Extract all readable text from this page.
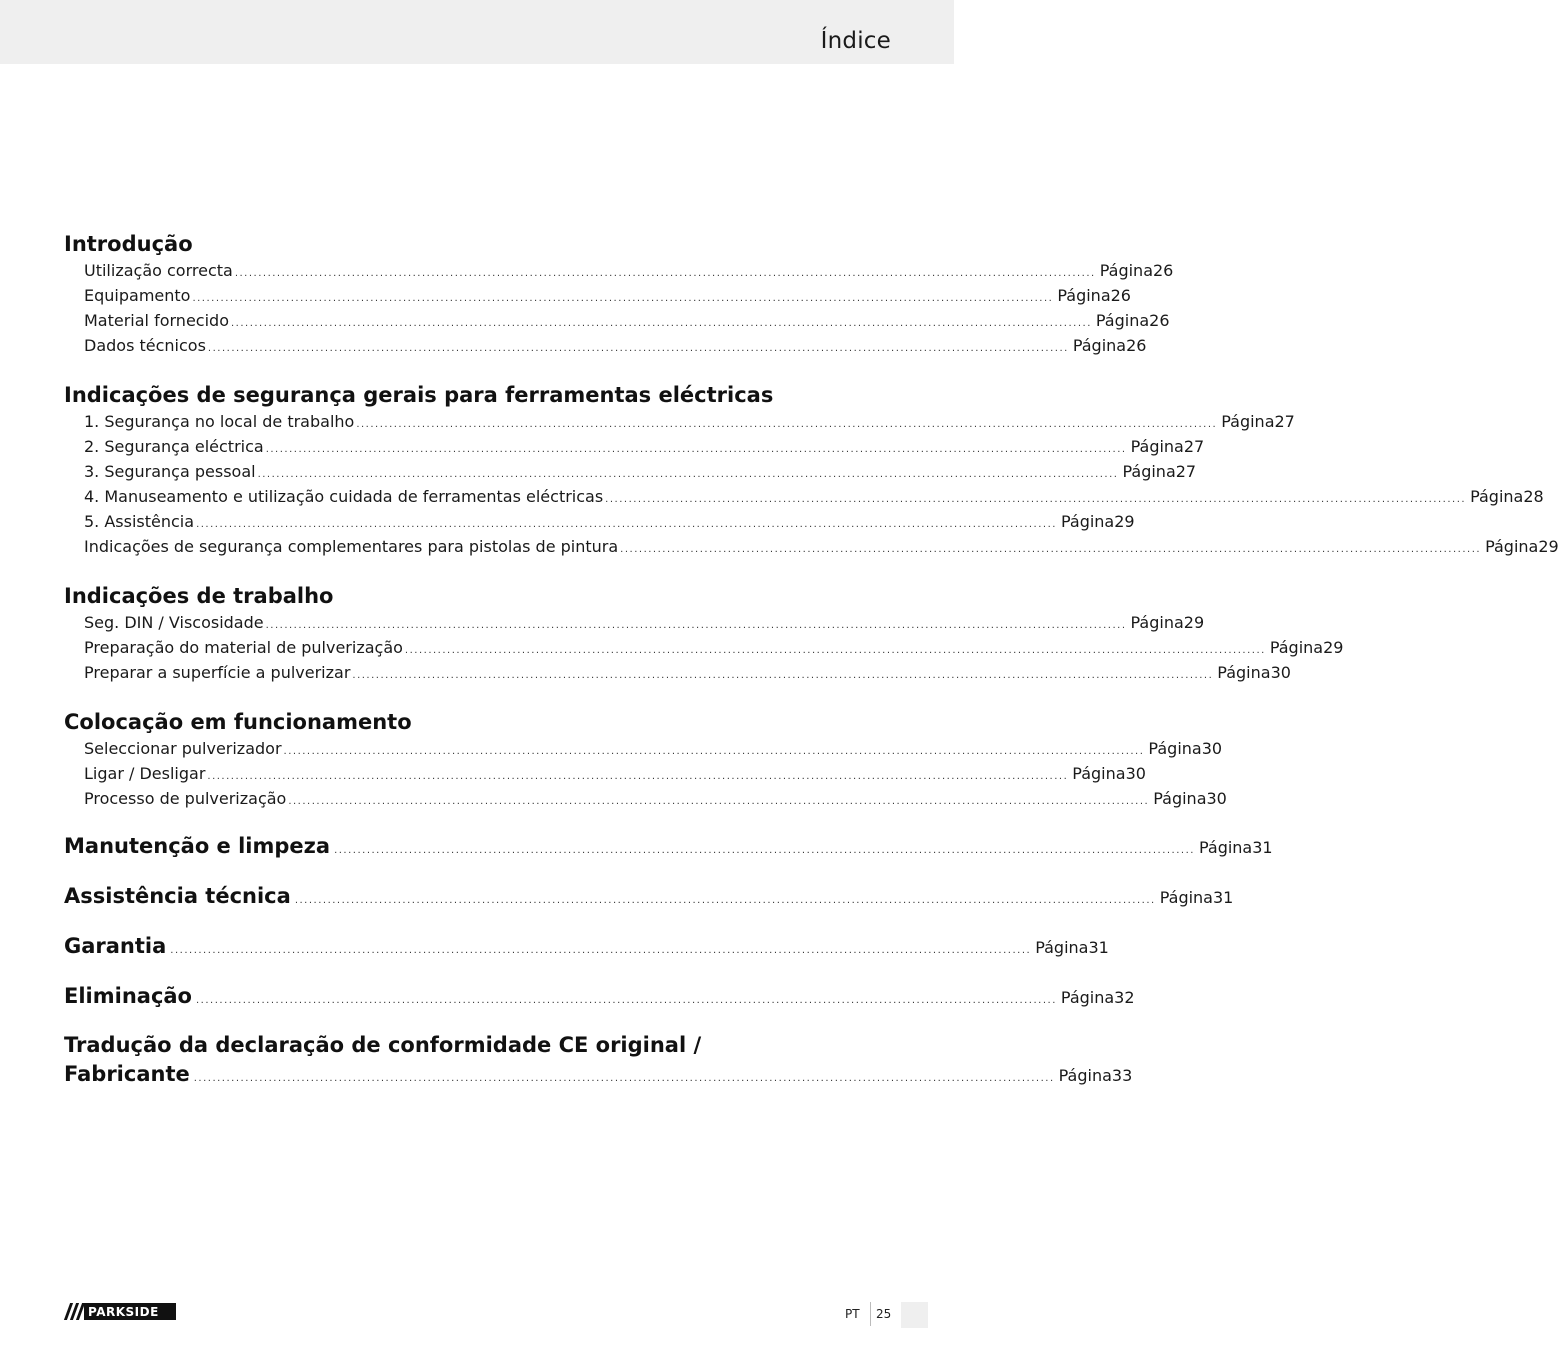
Índice
Introdução
Utilização correcta ........................................................................................................................................................................................ Página 26
Equipamento ........................................................................................................................................................................................ Página 26
Material fornecido ........................................................................................................................................................................................ Página 26
Dados técnicos ........................................................................................................................................................................................ Página 26
Indicações de segurança gerais para ferramentas eléctricas
1. Segurança no local de trabalho ........................................................................................................................................................................................ Página 27
2. Segurança eléctrica ........................................................................................................................................................................................ Página 27
3. Segurança pessoal ........................................................................................................................................................................................ Página 27
4. Manuseamento e utilização cuidada de ferramentas eléctricas ........................................................................................................................................................................................ Página 28
5. Assistência ........................................................................................................................................................................................ Página 29
Indicações de segurança complementares para pistolas de pintura ........................................................................................................................................................................................ Página 29
Indicações de trabalho
Seg. DIN / Viscosidade ........................................................................................................................................................................................ Página 29
Preparação do material de pulverização ........................................................................................................................................................................................ Página 29
Preparar a superfície a pulverizar ........................................................................................................................................................................................ Página 30
Colocação em funcionamento
Seleccionar pulverizador ........................................................................................................................................................................................ Página 30
Ligar / Desligar ........................................................................................................................................................................................ Página 30
Processo de pulverização ........................................................................................................................................................................................ Página 30
Manutenção e limpeza ........................................................................................................................................................................................ Página 31
Assistência técnica ........................................................................................................................................................................................ Página 31
Garantia ........................................................................................................................................................................................ Página 31
Eliminação ........................................................................................................................................................................................ Página 32
Tradução da declaração de conformidade CE original /
Fabricante ........................................................................................................................................................................................ Página 33
PARKSIDE	PT 25
